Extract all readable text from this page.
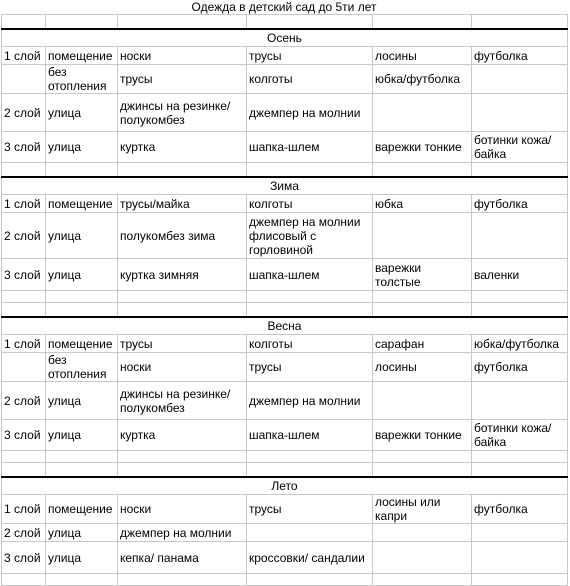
Одежда в детский сад до 5ти лет

Осень					
1 слой	помещение	носки	трусы	лосины	футболка
	без отопления	трусы	колготы	юбка/футболка	
2 слой	улица	джинсы на резинке/ полукомбез	джемпер на молнии		
3 слой	улица	куртка	шапка-шлем	варежки тонкие	ботинки кожа/ байка

Зима					
1 слой	помещение	трусы/майка	колготы	юбка	футболка
2 слой	улица	полукомбез зима	джемпер на молнии флисовый с горловиной		
3 слой	улица	куртка зимняя	шапка-шлем	варежки толстые	валенки

Весна					
1 слой	помещение	трусы	колготы	сарафан	юбка/футболка
	без отопления	носки	трусы	лосины	футболка
2 слой	улица	джинсы на резинке/ полукомбез	джемпер на молнии		
3 слой	улица	куртка	шапка-шлем	варежки тонкие	ботинки кожа/ байка

Лето					
1 слой	помещение	носки	трусы	лосины или капри	футболка
2 слой	улица	джемпер на молнии			
3 слой	улица	кепка/ панама	кроссовки/ сандалии		
